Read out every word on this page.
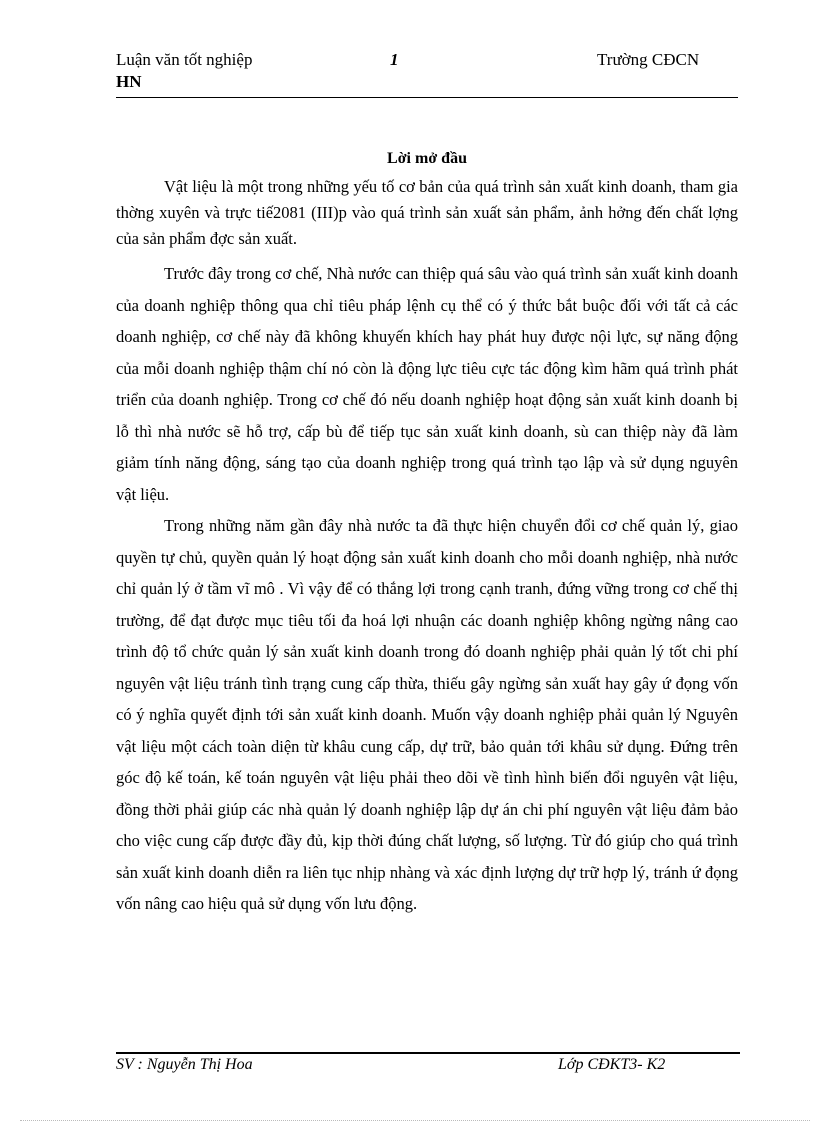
Luận văn tốt nghiệp
HN
1	Trường CĐCN
Lời mở đầu

Vật liệu là một trong những yếu tố cơ bản của quá trình sản xuất kinh doanh, tham gia thờng xuyên và trực tiế2081 (III)p vào quá trình sản xuất sản phẩm, ảnh hởng đến chất lợng của sản phẩm đợc sản xuất.

Trước đây trong cơ chế, Nhà nước can thiệp quá sâu vào quá trình sản xuất kinh doanh của doanh nghiệp thông qua chỉ tiêu pháp lệnh cụ thể có ý thức bắt buộc đối với tất cả các doanh nghiệp, cơ chế này đã không khuyến khích hay phát huy được nội lực, sự năng động của mỗi doanh nghiệp thậm chí nó còn là động lực tiêu cực tác động kìm hãm quá trình phát triển của doanh nghiệp. Trong cơ chế đó nếu doanh nghiệp hoạt động sản xuất kinh doanh bị lỗ thì nhà nước sẽ hỗ trợ, cấp bù để tiếp tục sản xuất kinh doanh, sù can thiệp này đã làm giảm tính năng động, sáng tạo của doanh nghiệp trong quá trình tạo lập và sử dụng nguyên vật liệu.

Trong những năm gần đây nhà nước ta đã thực hiện chuyển đổi cơ chế quản lý, giao quyền tự chủ, quyền quản lý hoạt động sản xuất kinh doanh cho mỗi doanh nghiệp, nhà nước chỉ quản lý ở tầm vĩ mô . Vì vậy để có thắng lợi trong cạnh tranh, đứng vững trong cơ chế thị trường, để đạt được mục tiêu tối đa hoá lợi nhuận các doanh nghiệp không ngừng nâng cao trình độ tổ chức quản lý sản xuất kinh doanh trong đó doanh nghiệp phải quản lý tốt chi phí nguyên vật liệu tránh tình trạng cung cấp thừa, thiếu gây ngừng sản xuất hay gây ứ đọng vốn có ý nghĩa quyết định tới sản xuất kinh doanh. Muốn vậy doanh nghiệp phải quản lý Nguyên vật liệu một cách toàn diện từ khâu cung cấp, dự trữ, bảo quản tới khâu sử dụng. Đứng trên góc độ kế toán, kế toán nguyên vật liệu phải theo dõi về tình hình biến đổi nguyên vật liệu, đồng thời phải giúp các nhà quản lý doanh nghiệp lập dự án chi phí nguyên vật liệu đảm bảo cho việc cung cấp được đầy đủ, kịp thời đúng chất lượng, số lượng. Từ đó giúp cho quá trình sản xuất kinh doanh diễn ra liên tục nhịp nhàng và xác định lượng dự trữ hợp lý, tránh ứ đọng vốn nâng cao hiệu quả sử dụng vốn lưu động.

SV : Nguyễn Thị Hoa	Lớp CĐKT3- K2
